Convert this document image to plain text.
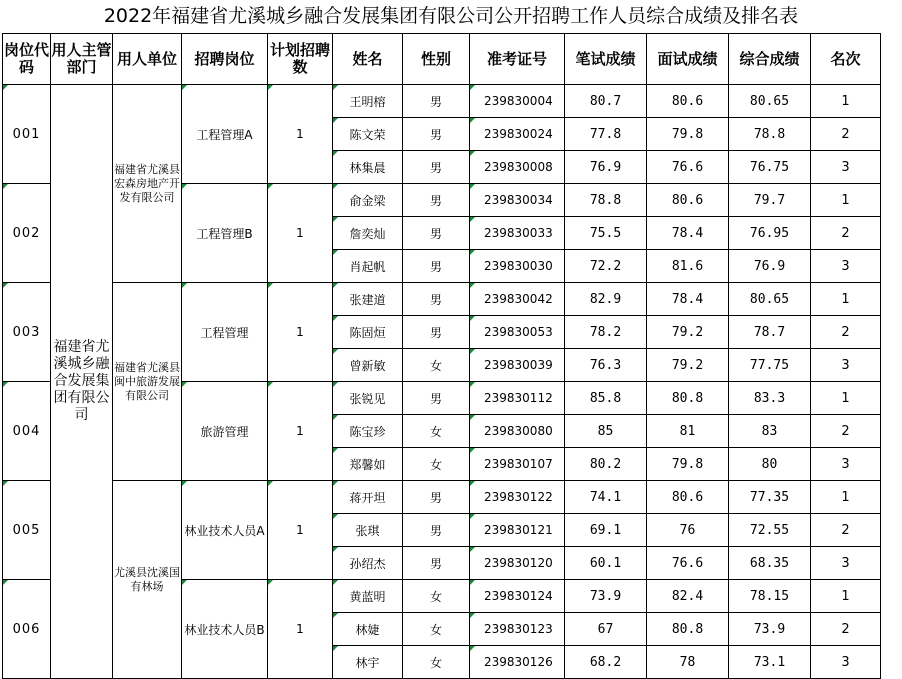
2022年福建省尤溪城乡融合发展集团有限公司公开招聘工作人员综合成绩及排名表
岗位代码	用人主管部门	用人单位	招聘岗位	计划招聘数	姓名	性别	准考证号	笔试成绩	面试成绩	综合成绩	名次
001	福建省尤溪城乡融合发展集团有限公司	福建省尤溪县宏森房地产开发有限公司	工程管理A	1	王明榕	男	239830004	80.7	80.6	80.65	1
					陈文荣	男	239830024	77.8	79.8	78.8	2
					林集晨	男	239830008	76.9	76.6	76.75	3
002			工程管理B	1	俞金梁	男	239830034	78.8	80.6	79.7	1
					詹奕灿	男	239830033	75.5	78.4	76.95	2
					肖起帆	男	239830030	72.2	81.6	76.9	3
003		福建省尤溪县闽中旅游发展有限公司	工程管理	1	张建道	男	239830042	82.9	78.4	80.65	1
					陈固烜	男	239830053	78.2	79.2	78.7	2
					曾新敏	女	239830039	76.3	79.2	77.75	3
004			旅游管理	1	张锐见	男	239830112	85.8	80.8	83.3	1
					陈宝珍	女	239830080	85	81	83	2
					郑馨如	女	239830107	80.2	79.8	80	3
005		尤溪县沈溪国有林场	林业技术人员A	1	蒋开坦	男	239830122	74.1	80.6	77.35	1
					张琪	男	239830121	69.1	76	72.55	2
					孙绍杰	男	239830120	60.1	76.6	68.35	3
006			林业技术人员B	1	黄蓝明	女	239830124	73.9	82.4	78.15	1
					林婕	女	239830123	67	80.8	73.9	2
					林宇	女	239830126	68.2	78	73.1	3
